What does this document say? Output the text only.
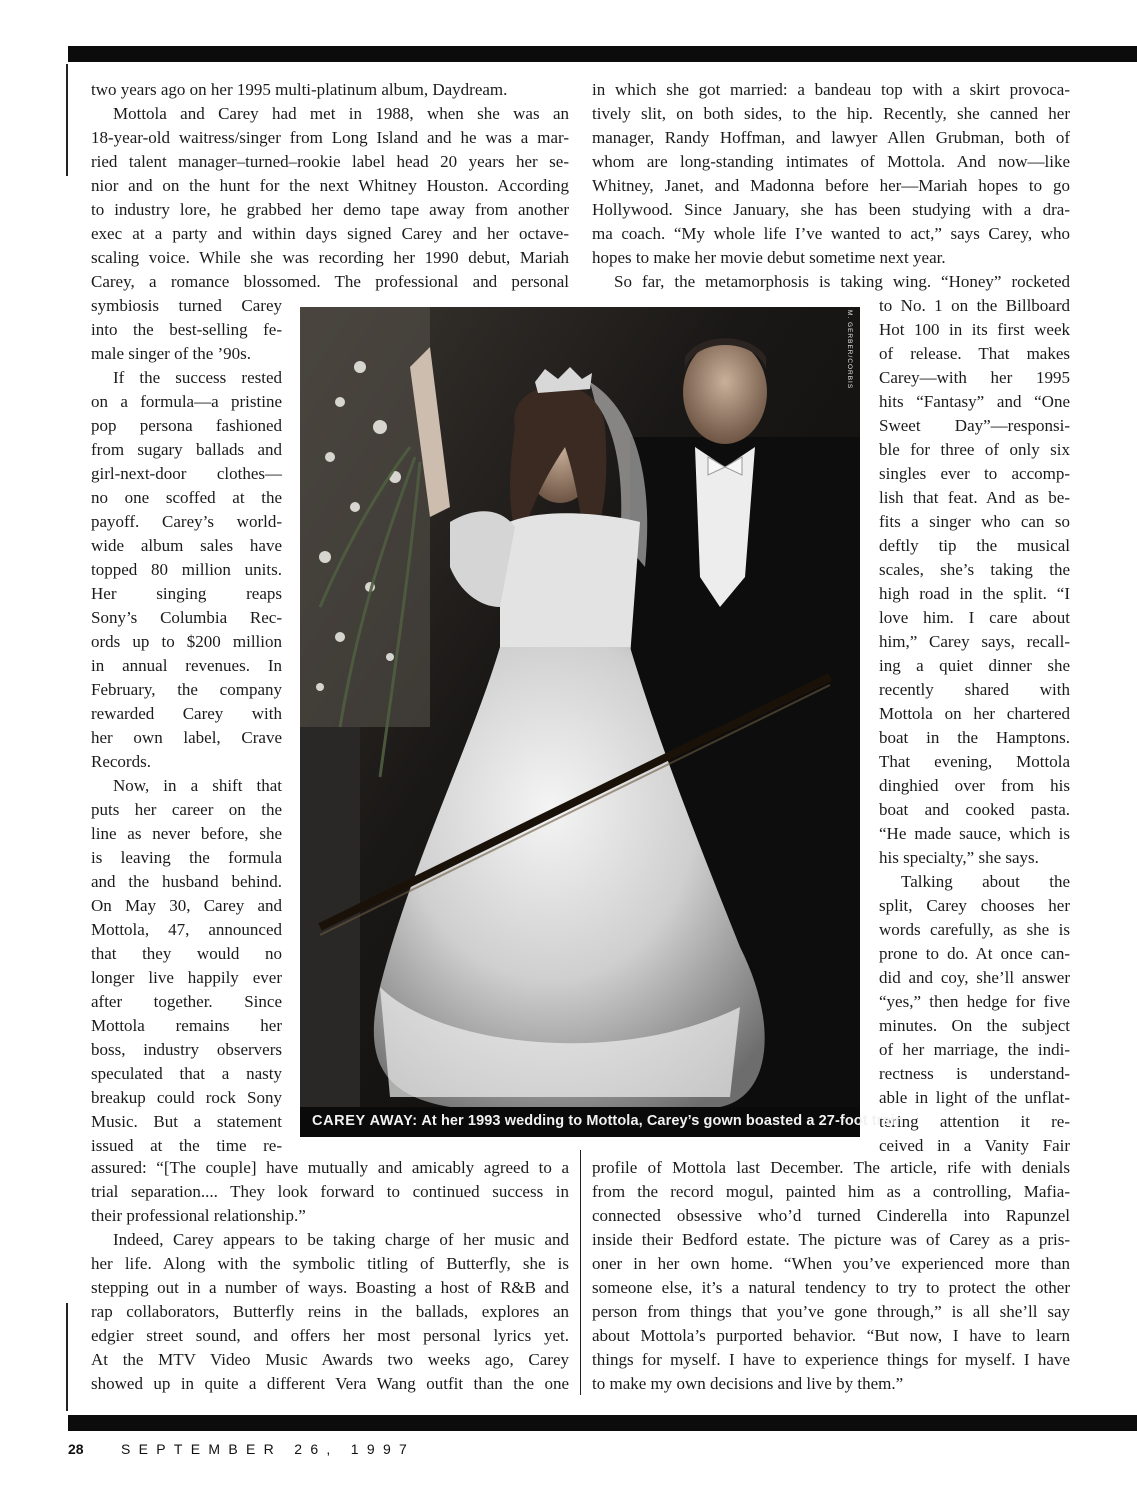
two years ago on her 1995 multi-platinum album, Daydream.

Mottola and Carey had met in 1988, when she was an

18-year-old waitress/singer from Long Island and he was a mar-

ried talent manager–turned–rookie label head 20 years her se-

nior and on the hunt for the next Whitney Houston. According

to industry lore, he grabbed her demo tape away from another

exec at a party and within days signed Carey and her octave-

scaling voice. While she was recording her 1990 debut, Mariah

Carey, a romance blossomed. The professional and personal

symbiosis turned Carey

into the best-selling fe-

male singer of the ’90s.

If the success rested

on a formula—a pristine

pop persona fashioned

from sugary ballads and

girl-next-door clothes—

no one scoffed at the

payoff. Carey’s world-

wide album sales have

topped 80 million units.

Her singing reaps

Sony’s Columbia Rec-

ords up to $200 million

in annual revenues. In

February, the company

rewarded Carey with

her own label, Crave

Records.

Now, in a shift that

puts her career on the

line as never before, she

is leaving the formula

and the husband behind.

On May 30, Carey and

Mottola, 47, announced

that they would no

longer live happily ever

after together. Since

Mottola remains her

boss, industry observers

speculated that a nasty

breakup could rock Sony

Music. But a statement

issued at the time re-

assured: “[The couple] have mutually and amicably agreed to a

trial separation.... They look forward to continued success in

their professional relationship.”

Indeed, Carey appears to be taking charge of her music and

her life. Along with the symbolic titling of Butterfly, she is

stepping out in a number of ways. Boasting a host of R&B and

rap collaborators, Butterfly reins in the ballads, explores an

edgier street sound, and offers her most personal lyrics yet.

At the MTV Video Music Awards two weeks ago, Carey

showed up in quite a different Vera Wang outfit than the one

in which she got married: a bandeau top with a skirt provoca-

tively slit, on both sides, to the hip. Recently, she canned her

manager, Randy Hoffman, and lawyer Allen Grubman, both of

whom are long-standing intimates of Mottola. And now—like

Whitney, Janet, and Madonna before her—Mariah hopes to go

Hollywood. Since January, she has been studying with a dra-

ma coach. “My whole life I’ve wanted to act,” says Carey, who

hopes to make her movie debut sometime next year.

So far, the metamorphosis is taking wing. “Honey” rocketed

to No. 1 on the Billboard

Hot 100 in its first week

of release. That makes

Carey—with her 1995

hits “Fantasy” and “One

Sweet Day”—responsi-

ble for three of only six

singles ever to accomp-

lish that feat. And as be-

fits a singer who can so

deftly tip the musical

scales, she’s taking the

high road in the split. “I

love him. I care about

him,” Carey says, recall-

ing a quiet dinner she

recently shared with

Mottola on her chartered

boat in the Hamptons.

That evening, Mottola

dinghied over from his

boat and cooked pasta.

“He made sauce, which is

his specialty,” she says.

Talking about the

split, Carey chooses her

words carefully, as she is

prone to do. At once can-

did and coy, she’ll answer

“yes,” then hedge for five

minutes. On the subject

of her marriage, the indi-

rectness is understand-

able in light of the unflat-

tering attention it re-

ceived in a Vanity Fair

profile of Mottola last December. The article, rife with denials

from the record mogul, painted him as a controlling, Mafia-

connected obsessive who’d turned Cinderella into Rapunzel

inside their Bedford estate. The picture was of Carey as a pris-

oner in her own home. “When you’ve experienced more than

someone else, it’s a natural tendency to try to protect the other

person from things that you’ve gone through,” is all she’ll say

about Mottola’s purported behavior. “But now, I have to learn

things for myself. I have to experience things for myself. I have

to make my own decisions and live by them.”

M. GERBER/CORBIS
CAREY AWAY: At her 1993 wedding to Mottola, Carey’s gown boasted a 27-foot train
28	SEPTEMBER 26, 1997
